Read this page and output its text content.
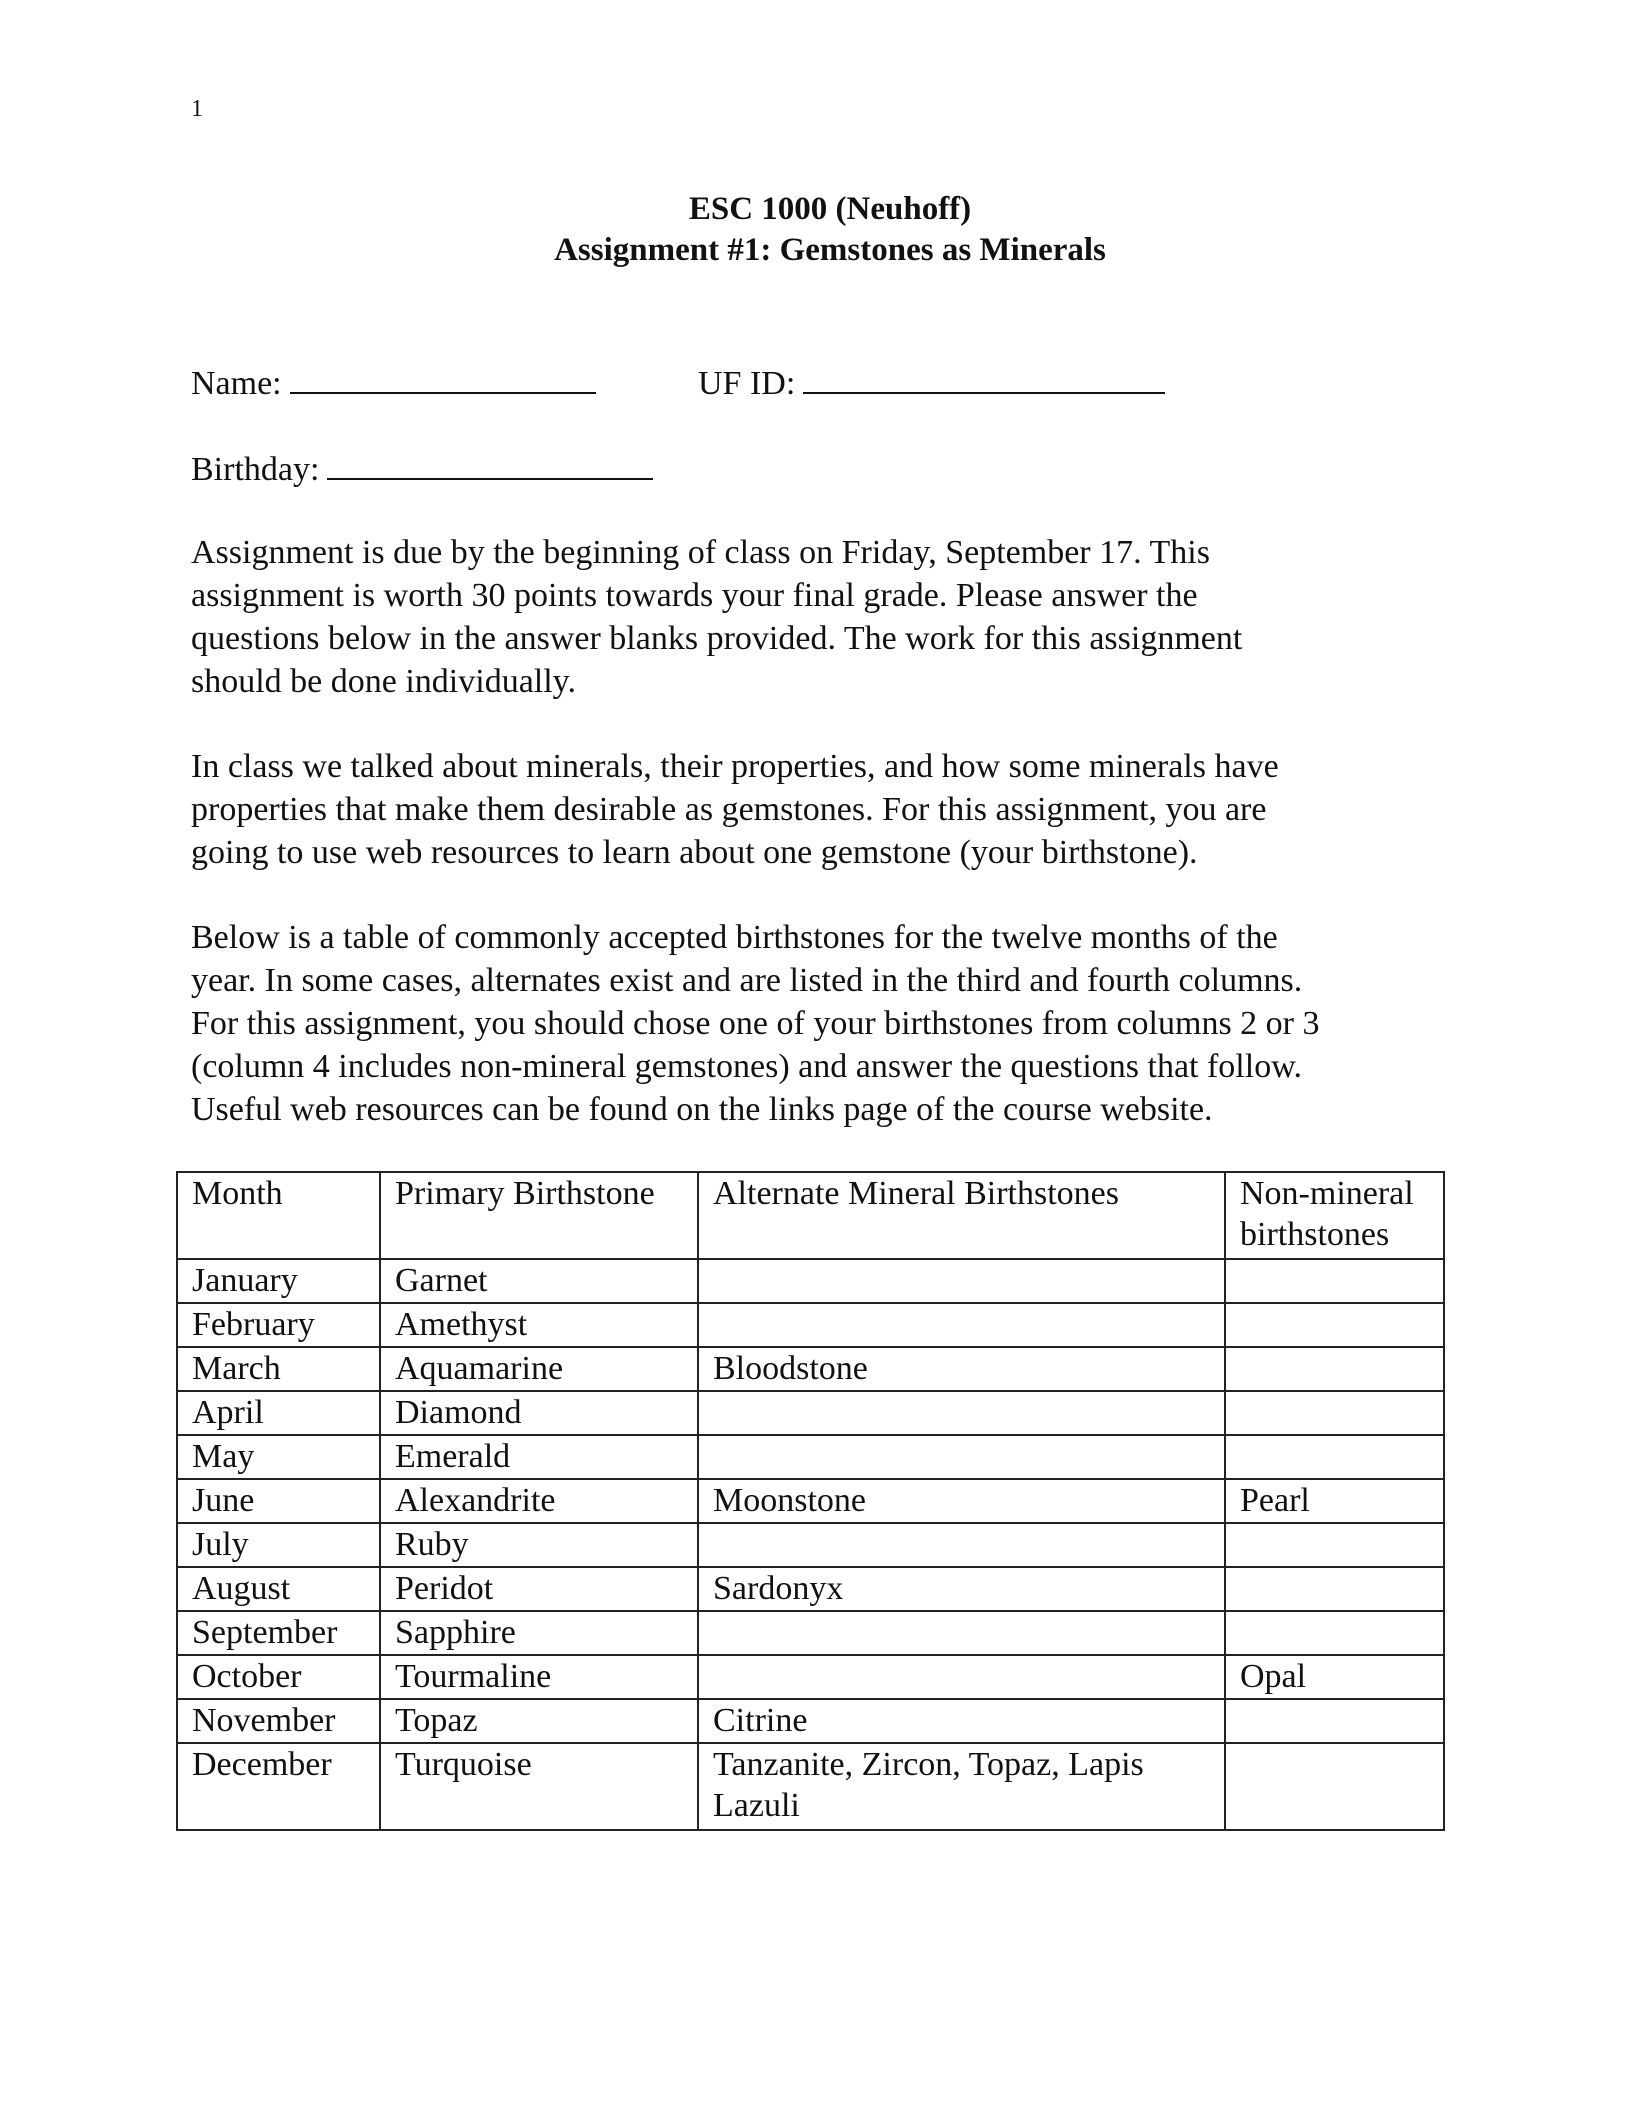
1
ESC 1000 (Neuhoff)
Assignment #1: Gemstones as Minerals
Name:	UF ID:
Birthday:
Assignment is due by the beginning of class on Friday, September 17. This
assignment is worth 30 points towards your final grade. Please answer the
questions below in the answer blanks provided. The work for this assignment
should be done individually.
In class we talked about minerals, their properties, and how some minerals have
properties that make them desirable as gemstones. For this assignment, you are
going to use web resources to learn about one gemstone (your birthstone).
Below is a table of commonly accepted birthstones for the twelve months of the
year. In some cases, alternates exist and are listed in the third and fourth columns.
For this assignment, you should chose one of your birthstones from columns 2 or 3
(column 4 includes non-mineral gemstones) and answer the questions that follow.
Useful web resources can be found on the links page of the course website.
Month	Primary Birthstone	Alternate Mineral Birthstones	Non-mineral
birthstones
January	Garnet		
February	Amethyst		
March	Aquamarine	Bloodstone	
April	Diamond		
May	Emerald		
June	Alexandrite	Moonstone	Pearl
July	Ruby		
August	Peridot	Sardonyx	
September	Sapphire		
October	Tourmaline		Opal
November	Topaz	Citrine	
December	Turquoise	Tanzanite, Zircon, Topaz, Lapis
Lazuli	
